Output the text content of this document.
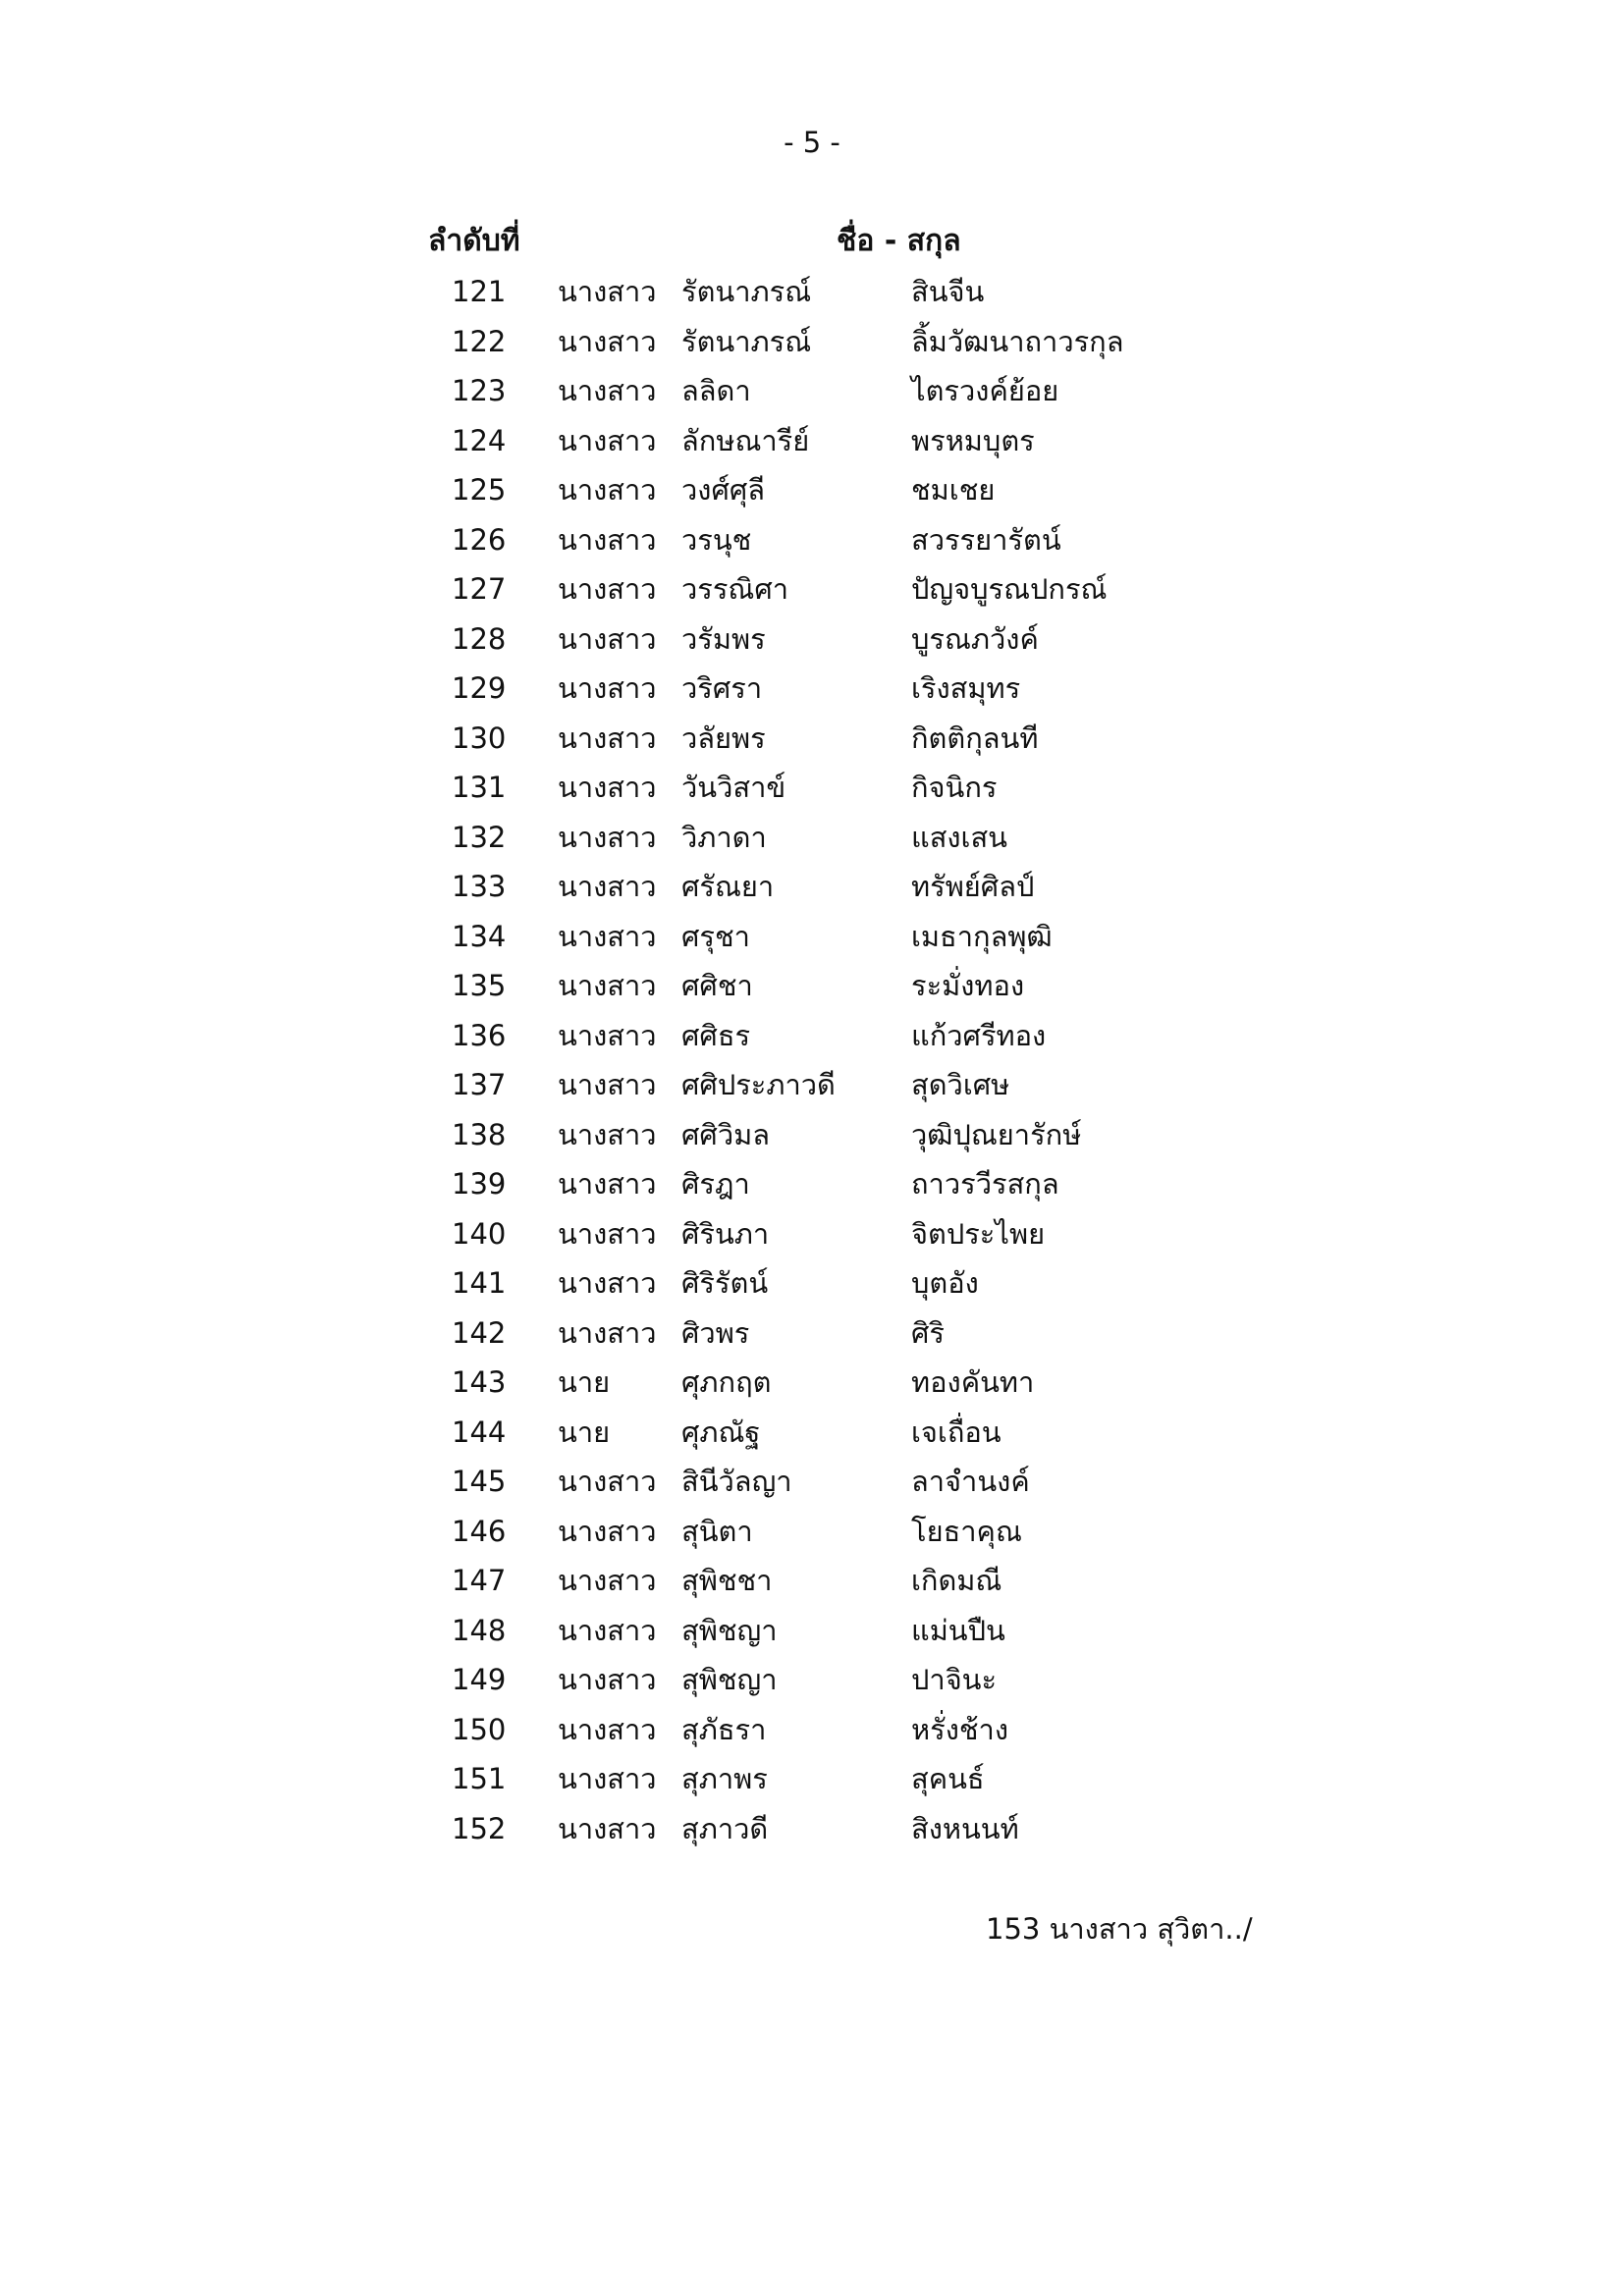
- 5 -
ลำดับที่	ชื่อ - สกุล
121 นางสาว รัตนาภรณ์	สินจีน
122 นางสาว รัตนาภรณ์	ลิ้มวัฒนาถาวรกุล
123 นางสาว ลลิดา	ไตรวงค์ย้อย
124 นางสาว ลักษณารีย์	พรหมบุตร
125 นางสาว วงศ์ศุลี	ชมเชย
126 นางสาว วรนุช	สวรรยารัตน์
127 นางสาว วรรณิศา	ปัญจบูรณปกรณ์
128 นางสาว วรัมพร	บูรณภวังค์
129 นางสาว วริศรา	เริงสมุทร
130 นางสาว วลัยพร	กิตติกุลนที
131 นางสาว วันวิสาข์	กิจนิกร
132 นางสาว วิภาดา	แสงเสน
133 นางสาว ศรัณยา	ทรัพย์ศิลป์
134 นางสาว ศรุชา	เมธากุลพุฒิ
135 นางสาว ศศิชา	ระมั่งทอง
136 นางสาว ศศิธร	แก้วศรีทอง
137 นางสาว ศศิประภาวดี	สุดวิเศษ
138 นางสาว ศศิวิมล	วุฒิปุณยารักษ์
139 นางสาว ศิรฎา	ถาวรวีรสกุล
140 นางสาว ศิรินภา	จิตประไพย
141 นางสาว ศิริรัตน์	บุตอัง
142 นางสาว ศิวพร	ศิริ
143 นาย	ศุภกฤต	ทองคันทา
144 นาย	ศุภณัฐ	เจเถื่อน
145 นางสาว สินีวัลญา	ลาจำนงค์
146 นางสาว สุนิตา	โยธาคุณ
147 นางสาว สุพิชชา	เกิดมณี
148 นางสาว สุพิชญา	แม่นปืน
149 นางสาว สุพิชญา	ปาจินะ
150 นางสาว สุภัธรา	หรั่งช้าง
151 นางสาว สุภาพร	สุคนธ์
152 นางสาว สุภาวดี	สิงหนนท์
153 นางสาว สุวิตา../
